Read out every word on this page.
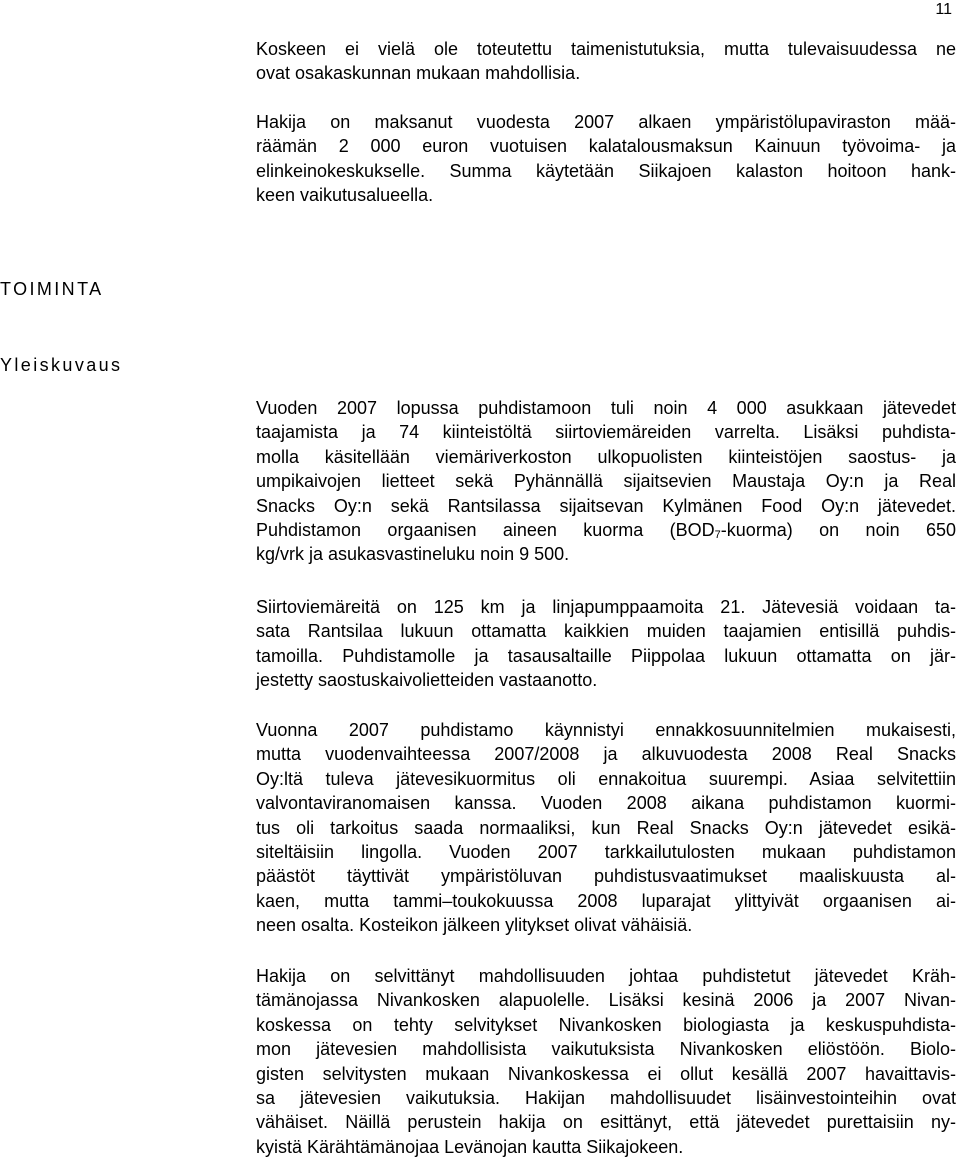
11

Koskeen ei vielä ole toteutettu taimenistutuksia, mutta tulevaisuudessa ne
ovat osakaskunnan mukaan mahdollisia.

Hakija on maksanut vuodesta 2007 alkaen ympäristölupaviraston mää-
räämän 2 000 euron vuotuisen kalatalousmaksun Kainuun työvoima- ja
elinkeinokeskukselle. Summa käytetään Siikajoen kalaston hoitoon hank-
keen vaikutusalueella.

TOIMINTA
Yleiskuvaus

Vuoden 2007 lopussa puhdistamoon tuli noin 4 000 asukkaan jätevedet
taajamista ja 74 kiinteistöltä siirtoviemäreiden varrelta. Lisäksi puhdista-
molla käsitellään viemäriverkoston ulkopuolisten kiinteistöjen saostus- ja
umpikaivojen lietteet sekä Pyhännällä sijaitsevien Maustaja Oy:n ja Real
Snacks Oy:n sekä Rantsilassa sijaitsevan Kylmänen Food Oy:n jätevedet.
Puhdistamon orgaanisen aineen kuorma $(BOD_7-kuorma)$ on noin 650
kg/vrk ja asukasvastineluku noin 9 500.

Siirtoviemäreitä on 125 km ja linjapumppaamoita 21. Jätevesiä voidaan ta-
sata Rantsilaa lukuun ottamatta kaikkien muiden taajamien entisillä puhdis-
tamoilla. Puhdistamolle ja tasausaltaille Piippolaa lukuun ottamatta on jär-
jestetty saostuskaivolietteiden vastaanotto.

Vuonna 2007 puhdistamo käynnistyi ennakkosuunnitelmien mukaisesti,
mutta vuodenvaihteessa 2007/2008 ja alkuvuodesta 2008 Real Snacks
Oy:ltä tuleva jätevesikuormitus oli ennakoitua suurempi. Asiaa selvitettiin
valvontaviranomaisen kanssa. Vuoden 2008 aikana puhdistamon kuormi-
tus oli tarkoitus saada normaaliksi, kun Real Snacks Oy:n jätevedet esikä-
siteltäisiin lingolla. Vuoden 2007 tarkkailutulosten mukaan puhdistamon
päästöt täyttivät ympäristöluvan puhdistusvaatimukset maaliskuusta al-
kaen, mutta tammi–toukokuussa 2008 luparajat ylittyivät orgaanisen ai-
neen osalta. Kosteikon jälkeen ylitykset olivat vähäisiä.

Hakija on selvittänyt mahdollisuuden johtaa puhdistetut jätevedet Kräh-
tämänojassa Nivankosken alapuolelle. Lisäksi kesinä 2006 ja 2007 Nivan-
koskessa on tehty selvitykset Nivankosken biologiasta ja keskuspuhdista-
mon jätevesien mahdollisista vaikutuksista Nivankosken eliöstöön. Biolo-
gisten selvitysten mukaan Nivankoskessa ei ollut kesällä 2007 havaittavis-
sa jätevesien vaikutuksia. Hakijan mahdollisuudet lisäinvestointeihin ovat
vähäiset. Näillä perustein hakija on esittänyt, että jätevedet purettaisiin ny-
kyistä Kärähtämänojaa Levänojan kautta Siikajokeen.
